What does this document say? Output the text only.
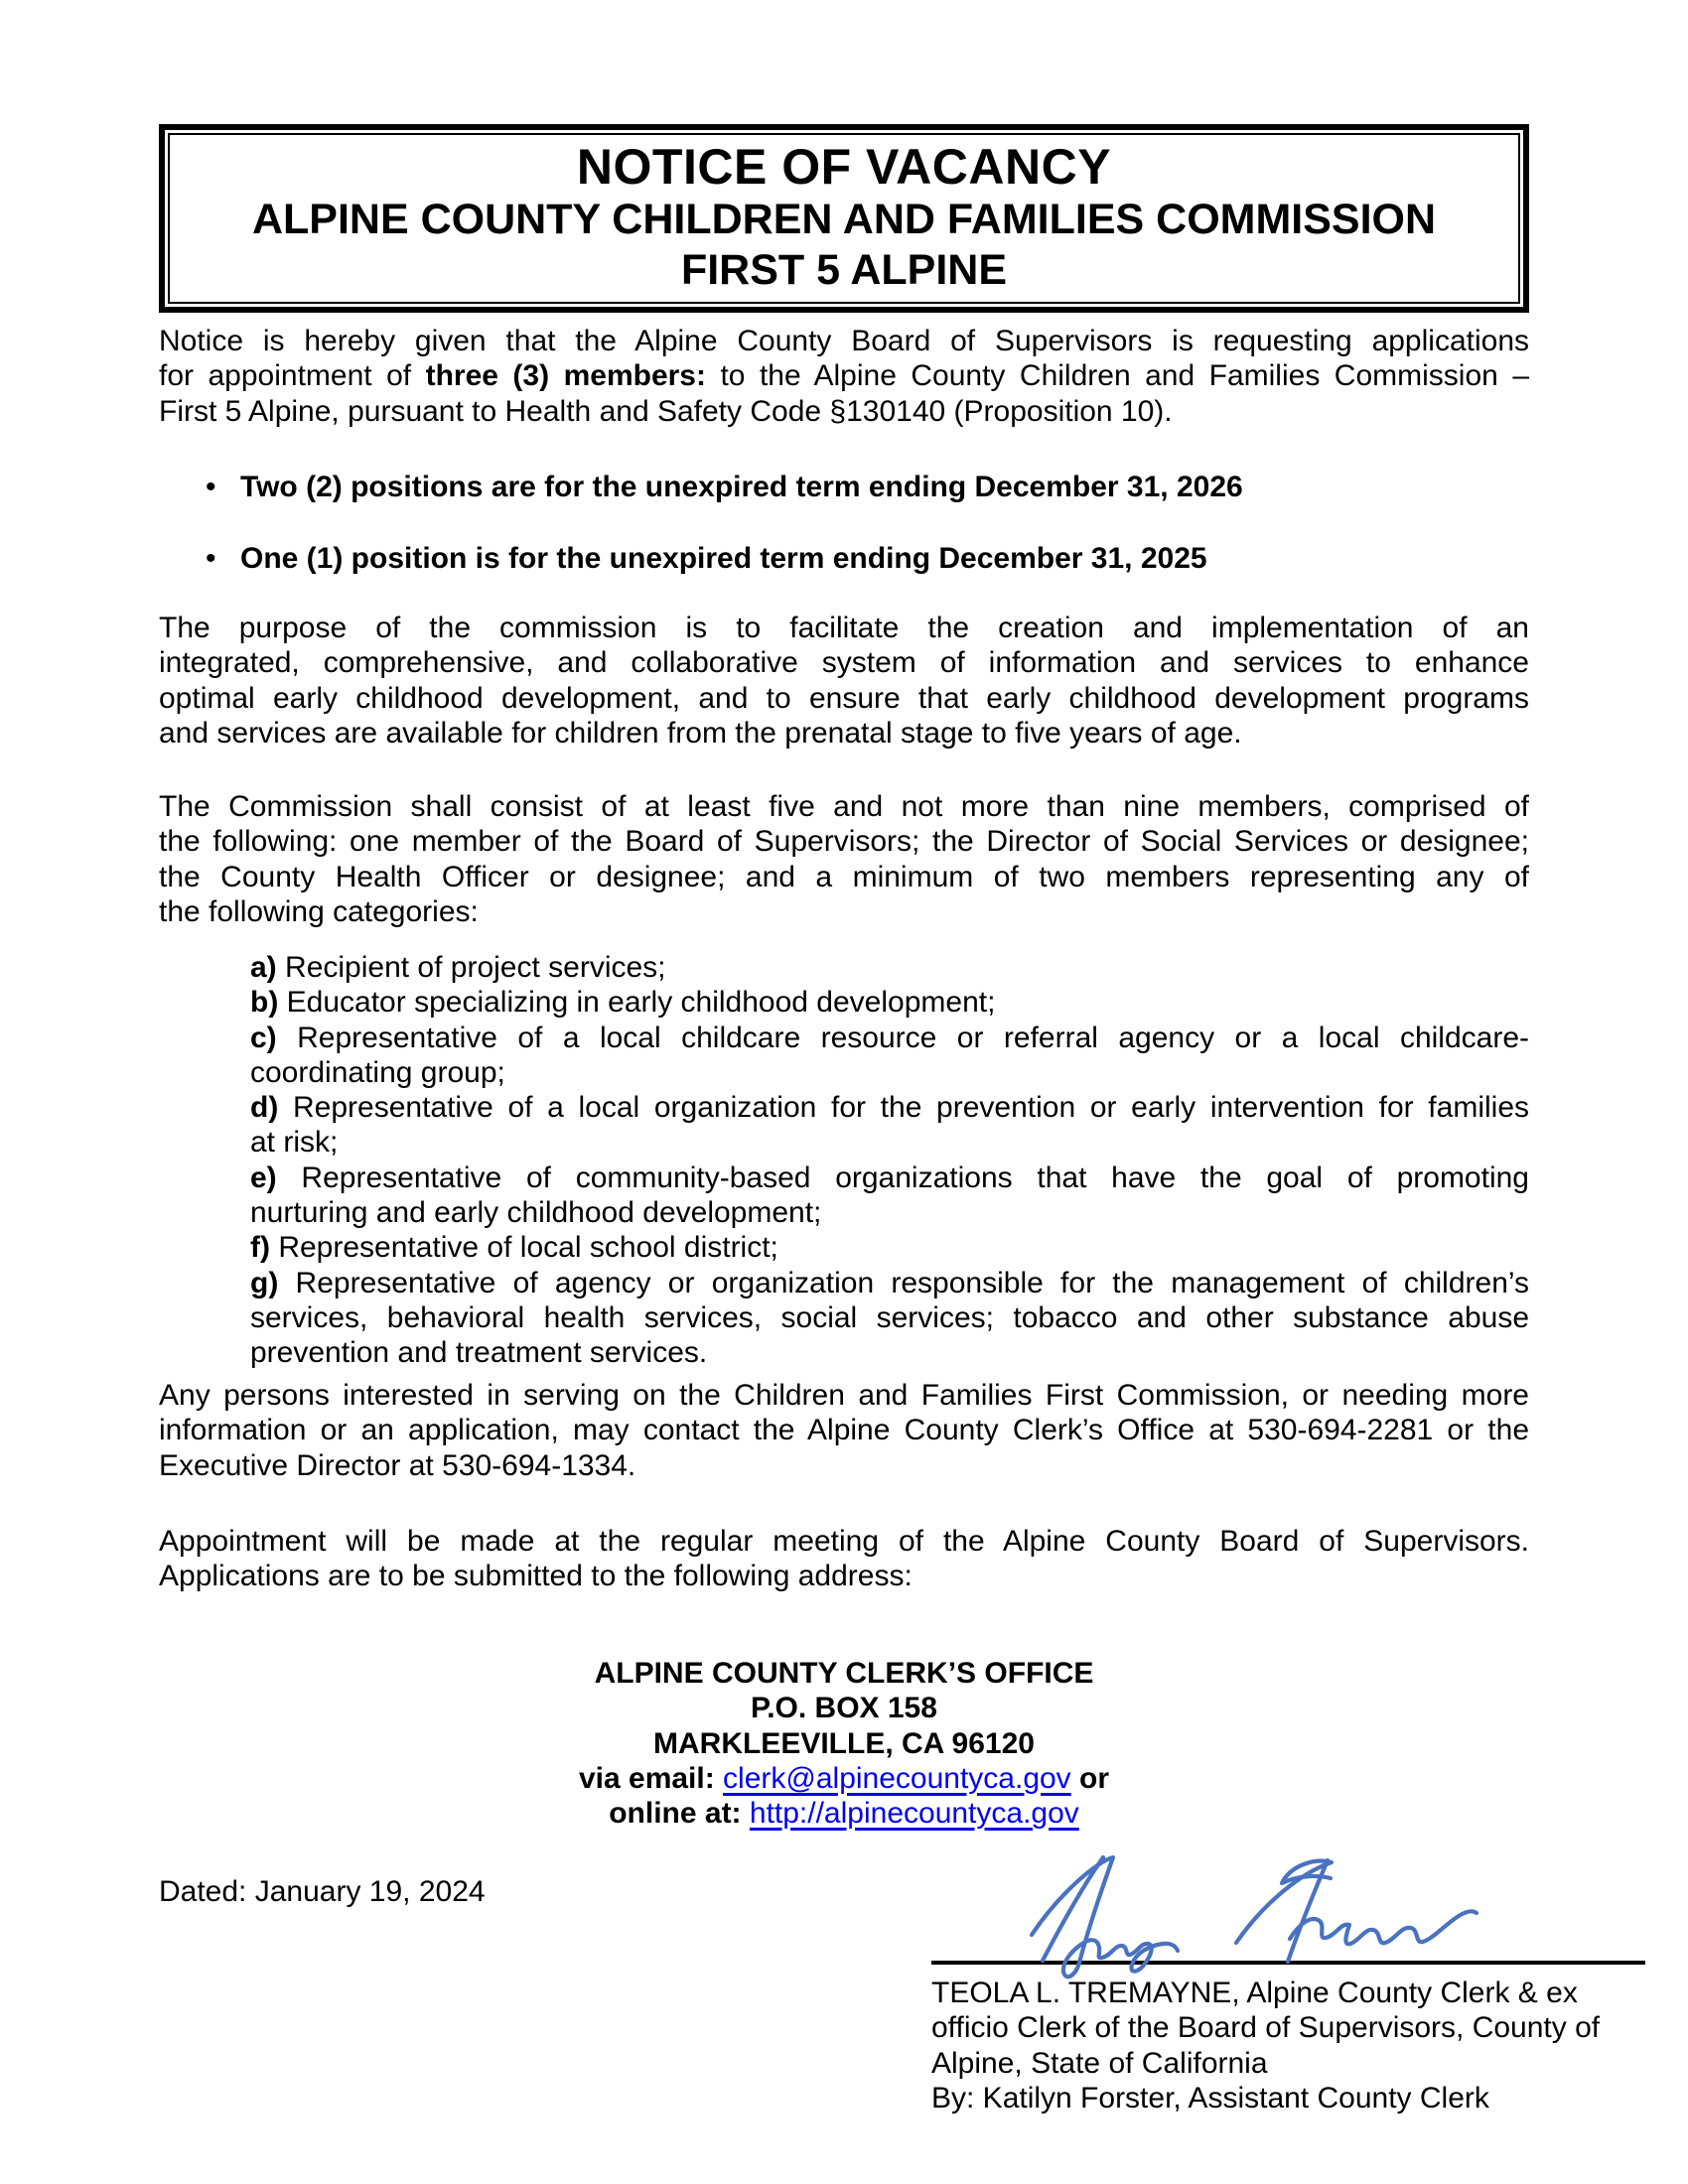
NOTICE OF VACANCY
ALPINE COUNTY CHILDREN AND FAMILIES COMMISSION
FIRST 5 ALPINE
Notice is hereby given that the Alpine County Board of Supervisors is requesting applications
for appointment of three (3) members: to the Alpine County Children and Families Commission –
First 5 Alpine, pursuant to Health and Safety Code §130140 (Proposition 10).
• Two (2) positions are for the unexpired term ending December 31, 2026
• One (1) position is for the unexpired term ending December 31, 2025
The purpose of the commission is to facilitate the creation and implementation of an
integrated, comprehensive, and collaborative system of information and services to enhance
optimal early childhood development, and to ensure that early childhood development programs
and services are available for children from the prenatal stage to five years of age.
The Commission shall consist of at least five and not more than nine members, comprised of
the following: one member of the Board of Supervisors; the Director of Social Services or designee;
the County Health Officer or designee; and a minimum of two members representing any of
the following categories:
a) Recipient of project services;
b) Educator specializing in early childhood development;
c) Representative of a local childcare resource or referral agency or a local childcare-
coordinating group;
d) Representative of a local organization for the prevention or early intervention for families
at risk;
e) Representative of community-based organizations that have the goal of promoting
nurturing and early childhood development;
f) Representative of local school district;
g) Representative of agency or organization responsible for the management of children’s
services, behavioral health services, social services; tobacco and other substance abuse
prevention and treatment services.
Any persons interested in serving on the Children and Families First Commission, or needing more
information or an application, may contact the Alpine County Clerk’s Office at 530-694-2281 or the
Executive Director at 530-694-1334.
Appointment will be made at the regular meeting of the Alpine County Board of Supervisors.
Applications are to be submitted to the following address:
ALPINE COUNTY CLERK’S OFFICE
P.O. BOX 158
MARKLEEVILLE, CA 96120
via email: clerk@alpinecountyca.gov or
online at: http://alpinecountyca.gov
Dated: January 19, 2024
TEOLA L. TREMAYNE, Alpine County Clerk & ex
officio Clerk of the Board of Supervisors, County of
Alpine, State of California
By: Katilyn Forster, Assistant County Clerk
